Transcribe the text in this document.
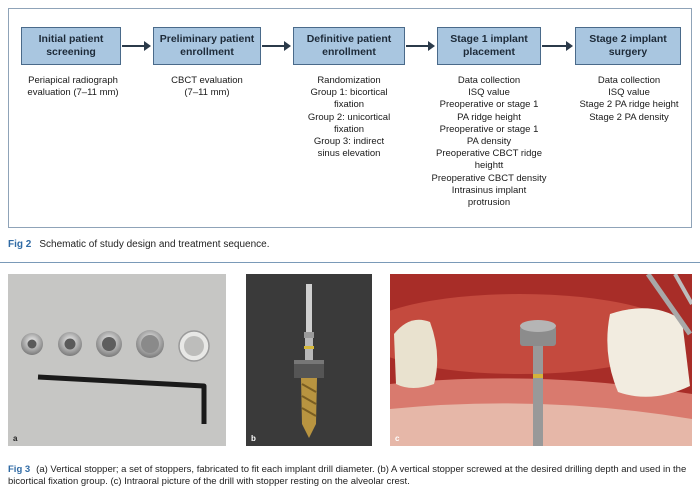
Initial patient
screening
Preliminary patient
enrollment
Definitive patient
enrollment
Stage 1 implant
placement
Stage 2 implant
surgery
Periapical radiograph
evaluation (7–11 mm)
CBCT evaluation
(7–11 mm)
Randomization
Group 1: bicortical
fixation
Group 2: unicortical
fixation
Group 3: indirect
sinus elevation
Data collection
ISQ value
Preoperative or stage 1
PA ridge height
Preoperative or stage 1
PA density
Preoperative CBCT ridge
heightt
Preoperative CBCT density
Intrasinus implant
protrusion
Data collection
ISQ value
Stage 2 PA ridge height
Stage 2 PA density
Fig 2 Schematic of study design and treatment sequence.
a	b	c
Fig 3 (a) Vertical stopper; a set of stoppers, fabricated to fit each implant drill diameter. (b) A vertical stopper screwed at the desired drilling depth and used in the bicortical fixation group. (c) Intraoral picture of the drill with stopper resting on the alveolar crest.
